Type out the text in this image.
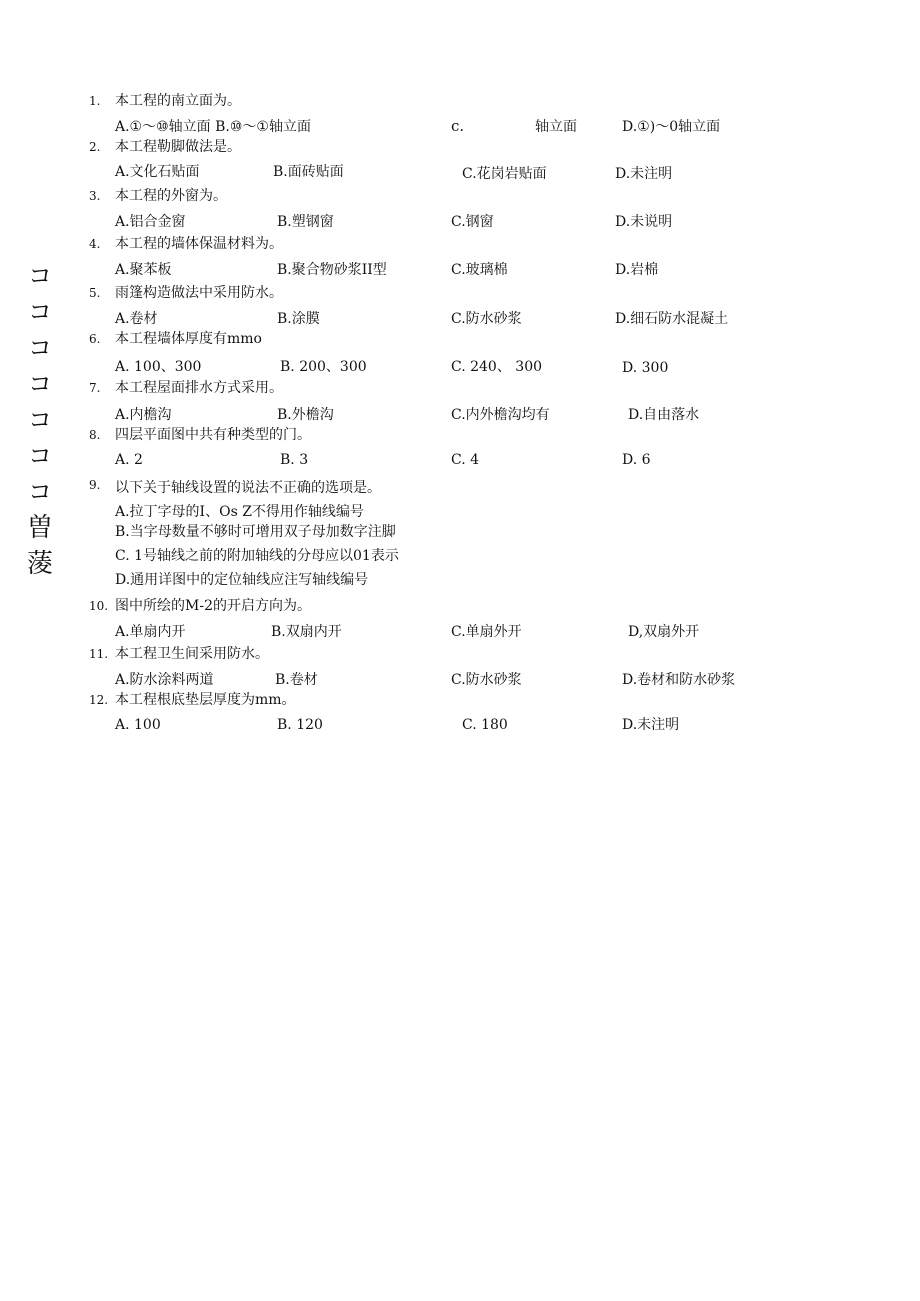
コ
コ
コ
コ
コ
コ
コ
曽
蔆
1. 本工程的南立面为。
A.①～⑩轴立面 B.⑩～①轴立面	c.	轴立面	D.①)～0轴立面
2. 本工程勒脚做法是。
A.文化石贴面	B.面砖贴面	C.花岗岩贴面	D.未注明
3. 本工程的外窗为。
A.铝合金窗	B.塑钢窗	C.钢窗	D.未说明
4. 本工程的墙体保温材料为。
A.聚苯板	B.聚合物砂浆II型	C.玻璃棉	D.岩棉
5. 雨篷构造做法中采用防水。
A.卷材	B.涂膜	C.防水砂浆	D.细石防水混凝土
6. 本工程墙体厚度有mmo
A. 100、300	B. 200、300	C. 240、 300	D. 300
7. 本工程屋面排水方式采用。
A.内檐沟	B.外檐沟	C.内外檐沟均有	D.自由落水
8. 四层平面图中共有种类型的门。
A. 2	B. 3	C. 4	D. 6
9. 以下关于轴线设置的说法不正确的选项是。
A.拉丁字母的I、Os Z不得用作轴线编号
B.当字母数量不够时可增用双子母加数字注脚
C. 1号轴线之前的附加轴线的分母应以01表示
D.通用详图中的定位轴线应注写轴线编号
10. 图中所绘的M-2的开启方向为。
A.单扇内开	B.双扇内开	C.单扇外开	D,双扇外开
11. 本工程卫生间采用防水。
A.防水涂料两道	B.卷材	C.防水砂浆	D.卷材和防水砂浆
12. 本工程根底垫层厚度为mm。
A. 100	B. 120	C. 180	D.未注明
